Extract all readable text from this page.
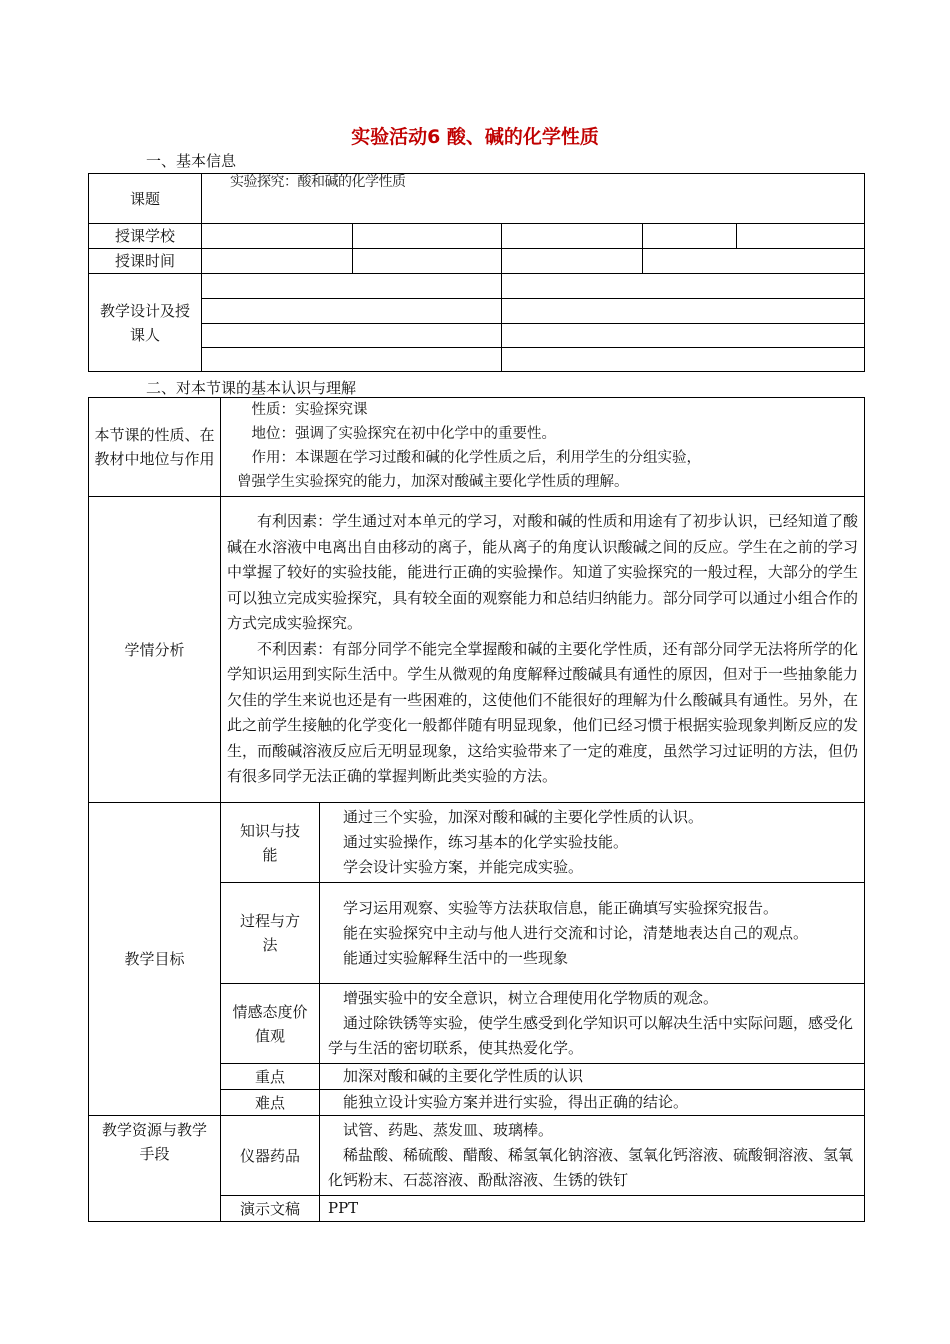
实验活动6 酸、碱的化学性质
一、基本信息
课题	实验探究：酸和碱的化学性质				
授课学校					
授课时间					
教学设计及授课人					

二、对本节课的基本认识与理解
本节课的性质、在教材中地位与作用	性质：实验探究课

地位：强调了实验探究在初中化学中的重要性。

作用：本课题在学习过酸和碱的化学性质之后，利用学生的分组实验，

曾强学生实验探究的能力，加深对酸碱主要化学性质的理解。	

学情分析	有利因素：学生通过对本单元的学习，对酸和碱的性质和用途有了初步认识，已经知道了酸碱在水溶液中电离出自由移动的离子，能从离子的角度认识酸碱之间的反应。学生在之前的学习中掌握了较好的实验技能，能进行正确的实验操作。知道了实验探究的一般过程，大部分的学生可以独立完成实验探究，具有较全面的观察能力和总结归纳能力。部分同学可以通过小组合作的方式完成实验探究。

不利因素：有部分同学不能完全掌握酸和碱的主要化学性质，还有部分同学无法将所学的化学知识运用到实际生活中。学生从微观的角度解释过酸碱具有通性的原因，但对于一些抽象能力欠佳的学生来说也还是有一些困难的，这使他们不能很好的理解为什么酸碱具有通性。另外，在此之前学生接触的化学变化一般都伴随有明显现象，他们已经习惯于根据实验现象判断反应的发生，而酸碱溶液反应后无明显现象，这给实验带来了一定的难度，虽然学习过证明的方法，但仍有很多同学无法正确的掌握判断此类实验的方法。	

教学目标	知识与技能	通过三个实验，加深对酸和碱的主要化学性质的认识。

通过实验操作，练习基本的化学实验技能。

学会设计实验方案，并能完成实验。

	过程与方法	学习运用观察、实验等方法获取信息，能正确填写实验探究报告。

能在实验探究中主动与他人进行交流和讨论，清楚地表达自己的观点。

能通过实验解释生活中的一些现象

	情感态度价值观	增强实验中的安全意识，树立合理使用化学物质的观念。

通过除铁锈等实验，使学生感受到化学知识可以解决生活中实际问题，感受化学与生活的密切联系，使其热爱化学。

	重点	加深对酸和碱的主要化学性质的认识

	难点	能独立设计实验方案并进行实验，得出正确的结论。

教学资源与教学手段	仪器药品	试管、药匙、蒸发皿、玻璃棒。

稀盐酸、稀硫酸、醋酸、稀氢氧化钠溶液、氢氧化钙溶液、硫酸铜溶液、氢氧化钙粉末、石蕊溶液、酚酞溶液、生锈的铁钉

	演示文稿	PPT
